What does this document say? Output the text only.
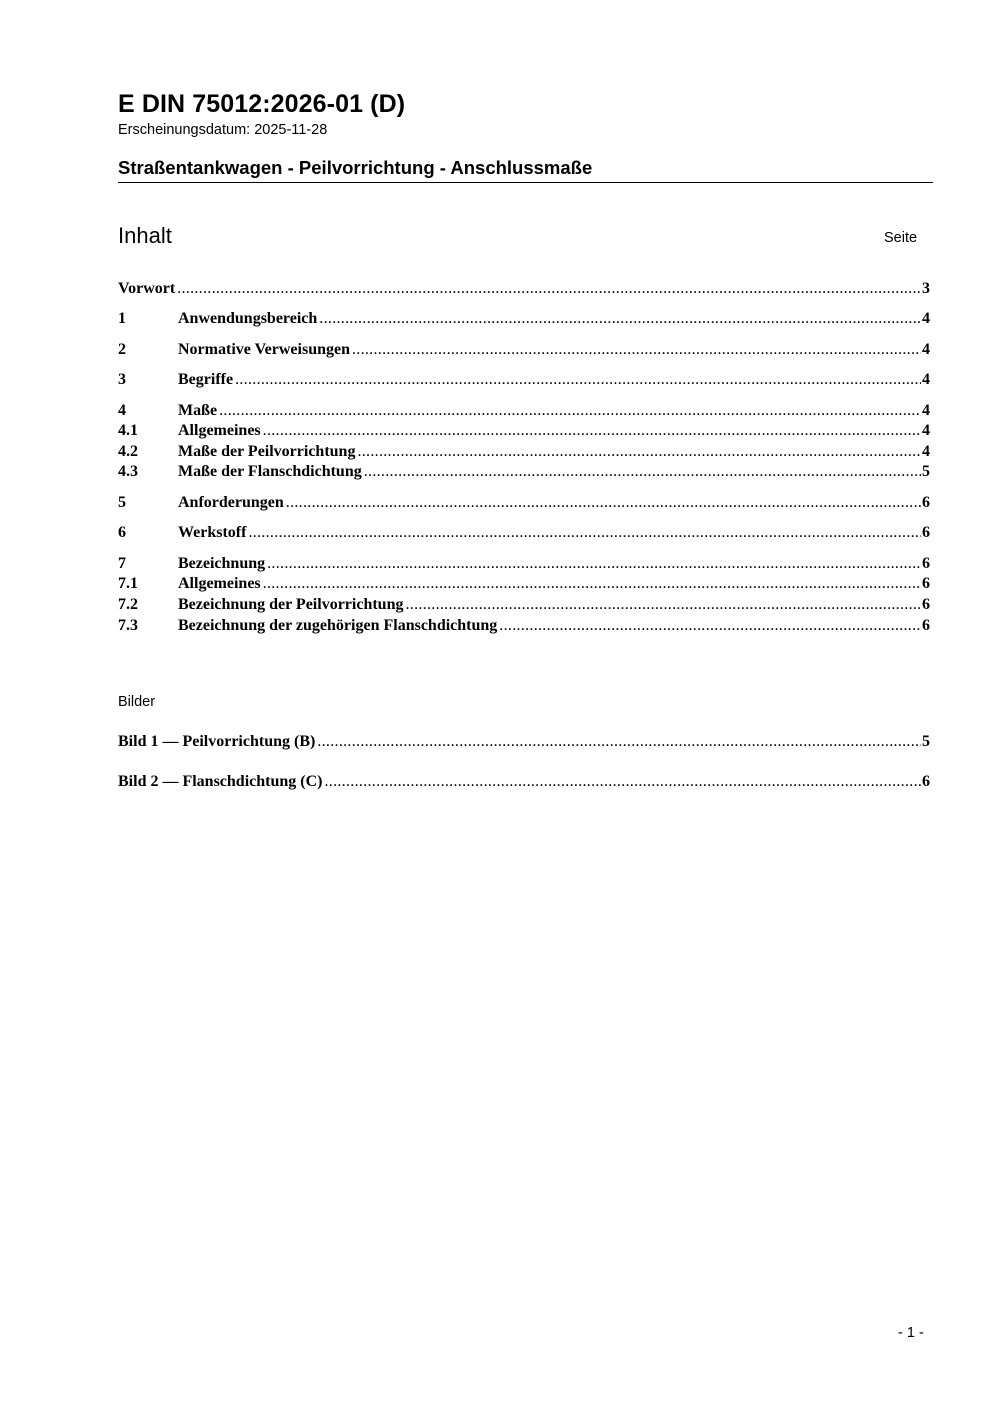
E DIN 75012:2026-01 (D)
Erscheinungsdatum: 2025-11-28
Straßentankwagen - Peilvorrichtung - Anschlussmaße
Inhalt	Seite
Vorwort .....	3
1	Anwendungsbereich .....	4
2	Normative Verweisungen .....	4
3	Begriffe .....	4
4	Maße .....	4
4.1	Allgemeines .....	4
4.2	Maße der Peilvorrichtung .....	4
4.3	Maße der Flanschdichtung .....	5
5	Anforderungen .....	6
6	Werkstoff .....	6
7	Bezeichnung .....	6
7.1	Allgemeines .....	6
7.2	Bezeichnung der Peilvorrichtung .....	6
7.3	Bezeichnung der zugehörigen Flanschdichtung .....	6
Bilder
Bild 1 — Peilvorrichtung (B) .....	5
Bild 2 — Flanschdichtung (C) .....	6
- 1 -
